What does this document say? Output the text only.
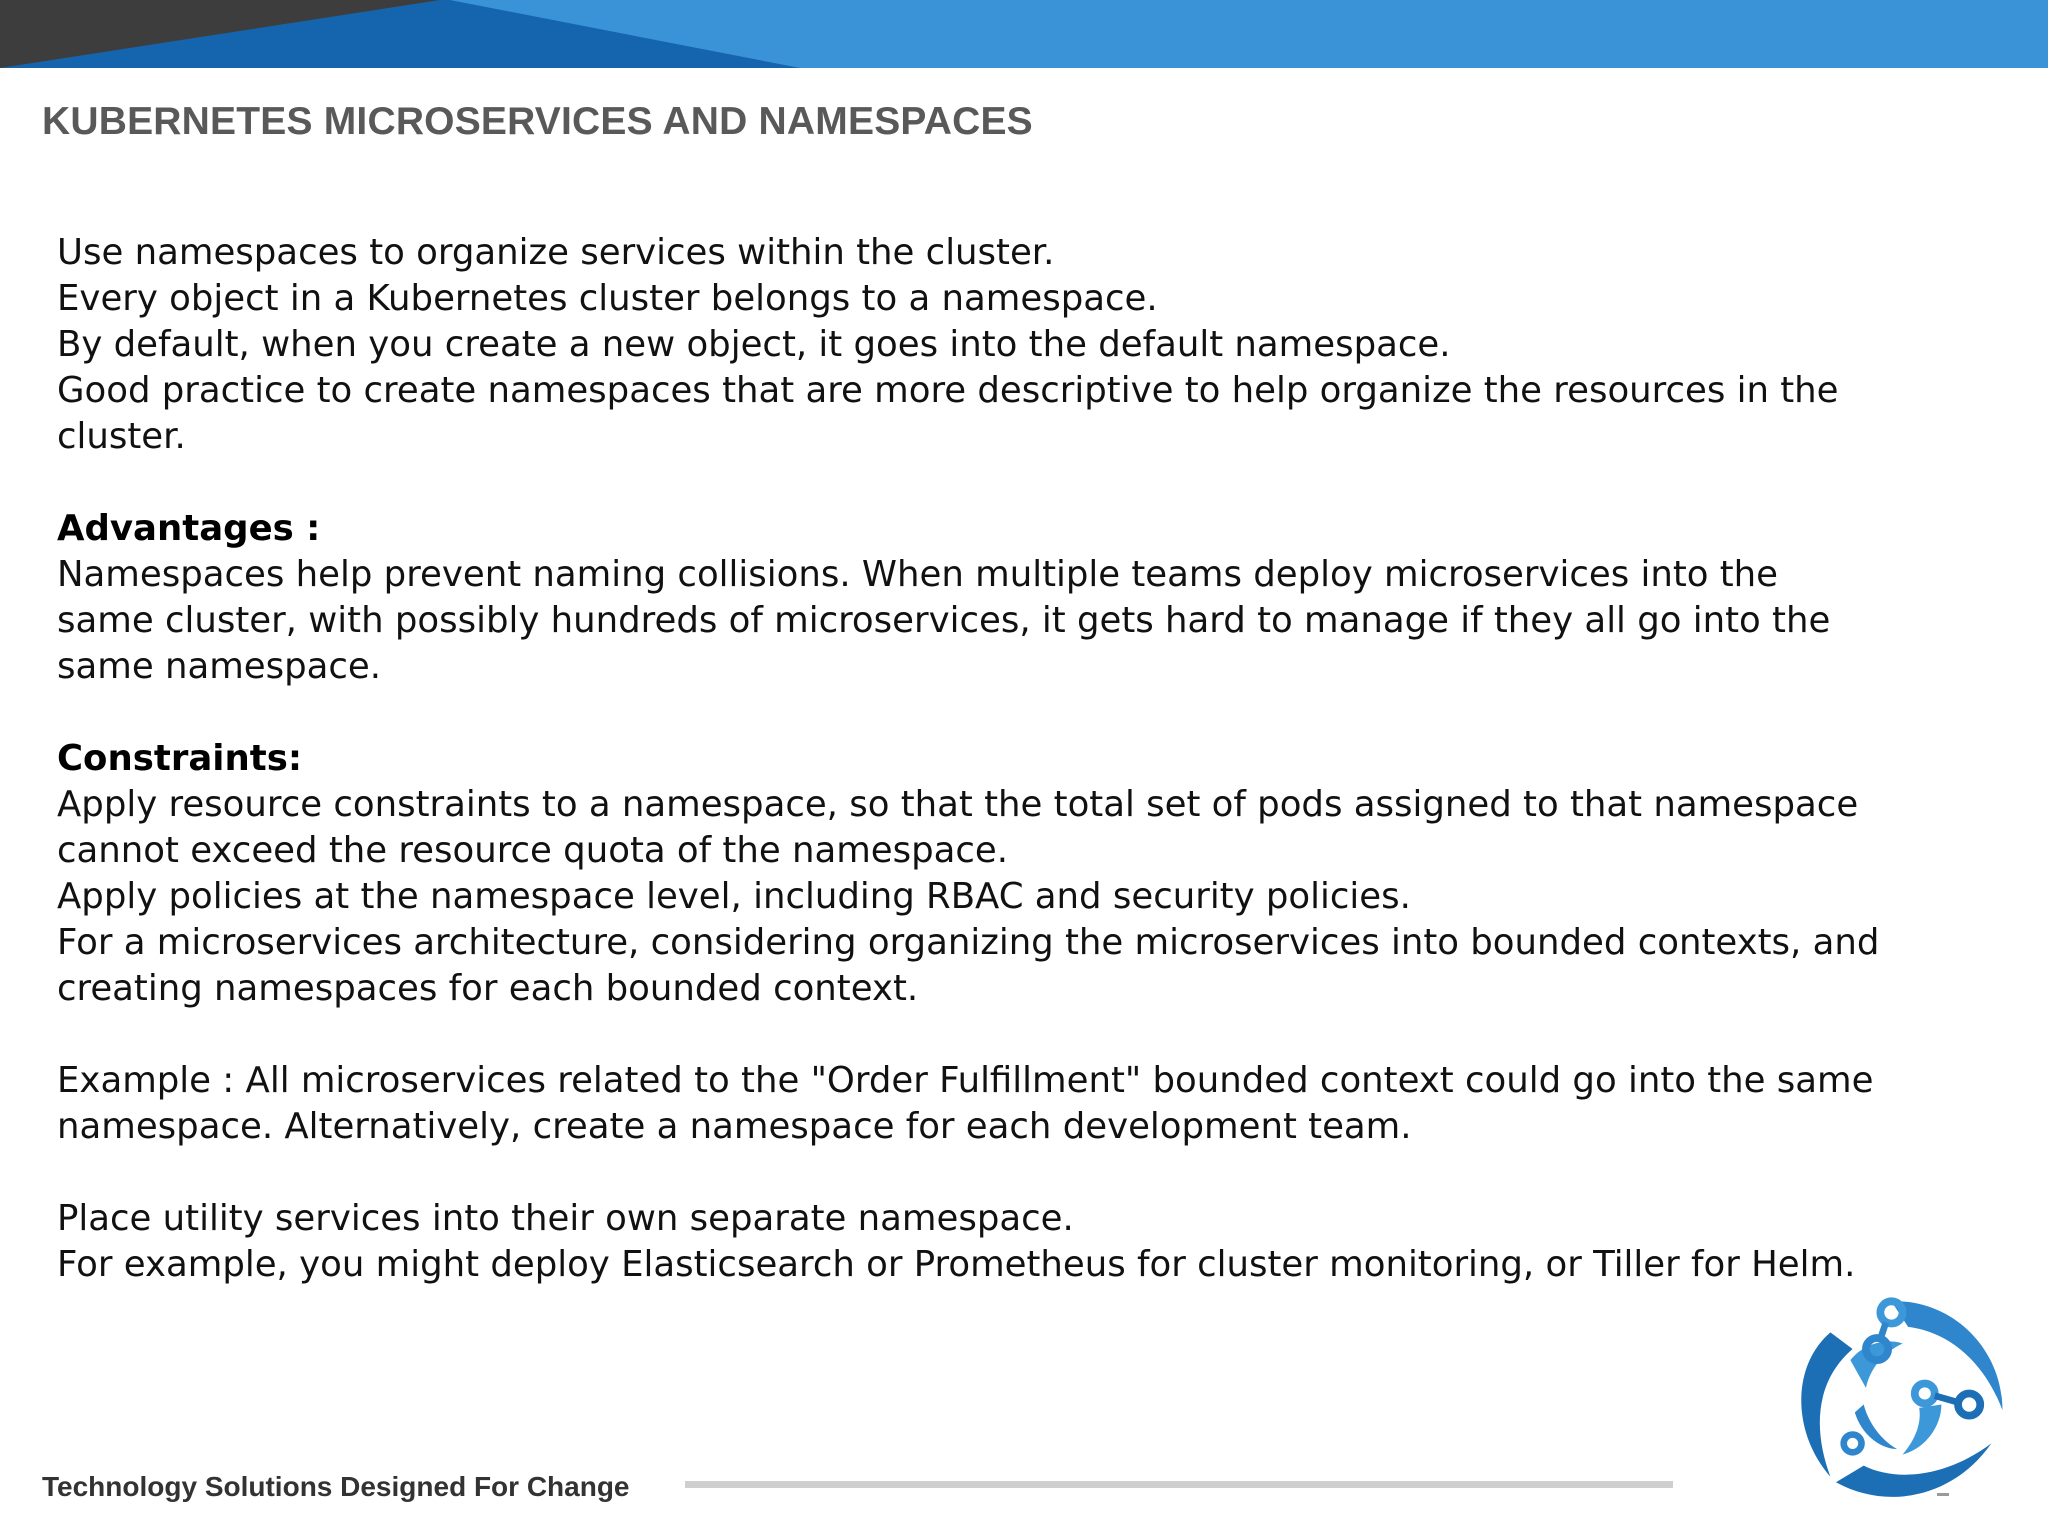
KUBERNETES MICROSERVICES AND NAMESPACES
Use namespaces to organize services within the cluster.
Every object in a Kubernetes cluster belongs to a namespace.
By default, when you create a new object, it goes into the default namespace.
Good practice to create namespaces that are more descriptive to help organize the resources in the
cluster.
Advantages :
Namespaces help prevent naming collisions. When multiple teams deploy microservices into the
same cluster, with possibly hundreds of microservices, it gets hard to manage if they all go into the
same namespace.
Constraints:
Apply resource constraints to a namespace, so that the total set of pods assigned to that namespace
cannot exceed the resource quota of the namespace.
Apply policies at the namespace level, including RBAC and security policies.
For a microservices architecture, considering organizing the microservices into bounded contexts, and
creating namespaces for each bounded context.
Example : All microservices related to the "Order Fulfillment" bounded context could go into the same
namespace. Alternatively, create a namespace for each development team.
Place utility services into their own separate namespace.
For example, you might deploy Elasticsearch or Prometheus for cluster monitoring, or Tiller for Helm.
Technology Solutions Designed For Change
